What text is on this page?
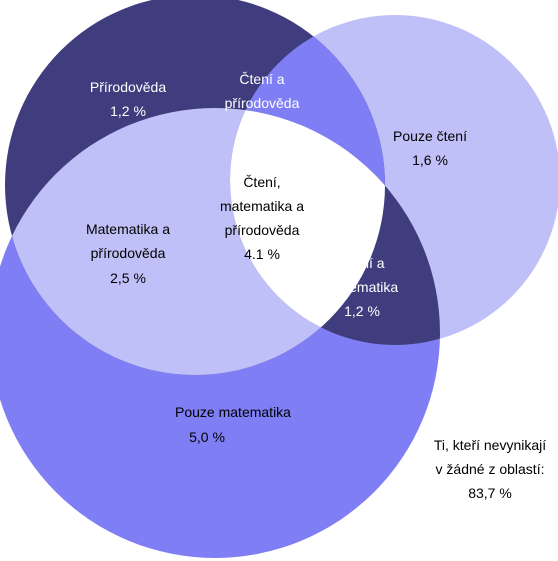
Přírodověda
1,2 %
Čtení a
přírodověda
0,8 %	Pouze čtení
1,6 %
Čtení,
matematika a
přírodověda
4.1 %
Matematika a
přírodověda
2,5 %
Čtení a
matematika
1,2 %
Pouze matematika
5,0 %	Ti, kteří nevynikají
v žádné z oblastí:
83,7 %
